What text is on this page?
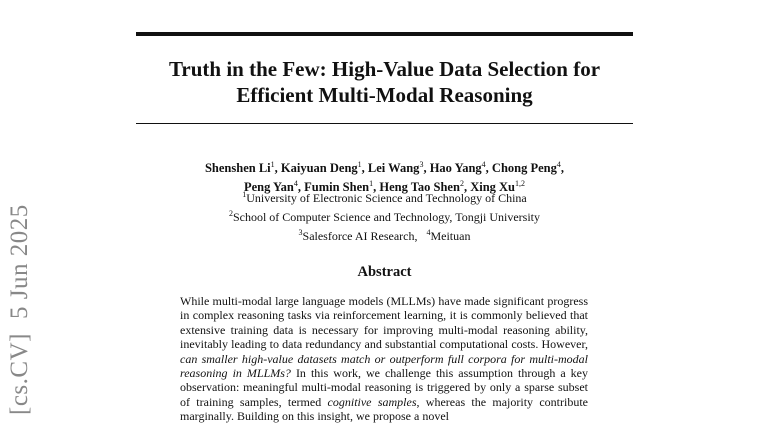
Truth in the Few: High-Value Data Selection for
Efficient Multi-Modal Reasoning
Shenshen Li$^1$, Kaiyuan Deng$^1$, Lei Wang$^3$, Hao Yang$^4$, Chong Peng$^4$,
Peng Yan$^4$, Fumin Shen$^1$, Heng Tao Shen$^2$, Xing Xu$^{1,2}$
$^1$University of Electronic Science and Technology of China
$^2$School of Computer Science and Technology, Tongji University
$^3$Salesforce AI Research, $^4$Meituan
Abstract
While multi-modal large language models (MLLMs) have made significant progress in complex reasoning tasks via reinforcement learning, it is commonly believed that extensive training data is necessary for improving multi-modal reasoning ability, inevitably leading to data redundancy and substantial computational costs. However, can smaller high-value datasets match or outperform full corpora for multi-modal reasoning in MLLMs? In this work, we challenge this assumption through a key observation: meaningful multi-modal reasoning is triggered by only a sparse subset of training samples, termed cognitive samples, whereas the majority contribute marginally. Building on this insight, we propose a novel
[cs.CV]5 Jun 2025
